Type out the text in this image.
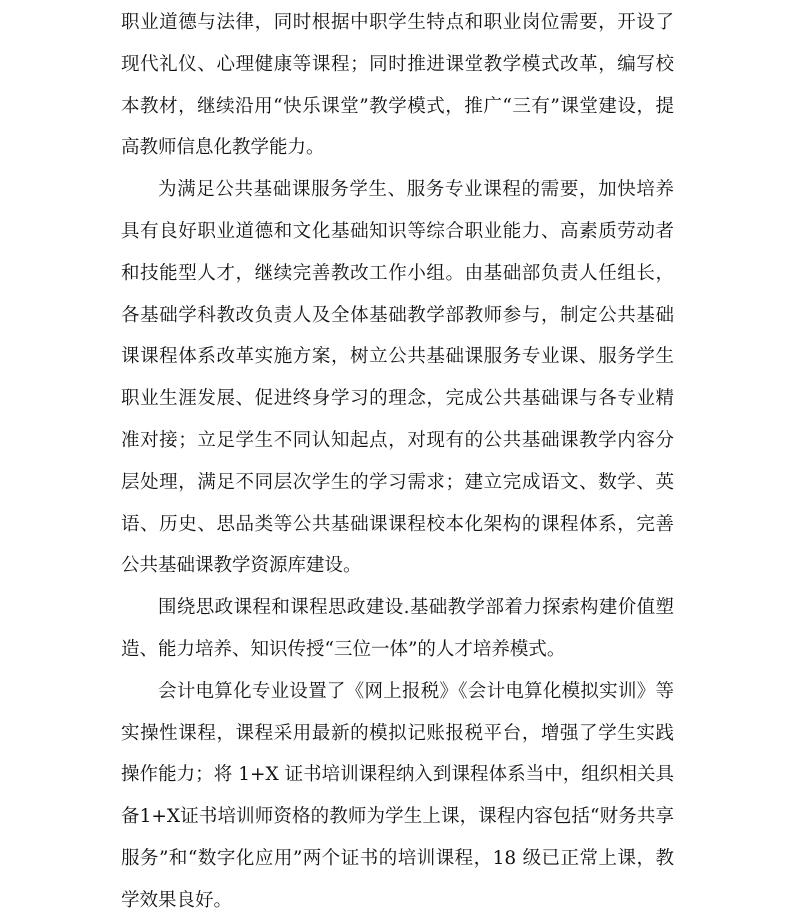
职业道德与法律，同时根据中职学生特点和职业岗位需要，开设了现代礼仪、心理健康等课程；同时推进课堂教学模式改革，编写校本教材，继续沿用“快乐课堂”教学模式，推广“三有”课堂建设，提高教师信息化教学能力。

为满足公共基础课服务学生、服务专业课程的需要，加快培养具有良好职业道德和文化基础知识等综合职业能力、高素质劳动者和技能型人才，继续完善教改工作小组。由基础部负责人任组长，各基础学科教改负责人及全体基础教学部教师参与，制定公共基础课课程体系改革实施方案，树立公共基础课服务专业课、服务学生职业生涯发展、促进终身学习的理念，完成公共基础课与各专业精准对接；立足学生不同认知起点，对现有的公共基础课教学内容分层处理，满足不同层次学生的学习需求；建立完成语文、数学、英语、历史、思品类等公共基础课课程校本化架构的课程体系，完善公共基础课教学资源库建设。

围绕思政课程和课程思政建设.基础教学部着力探索构建价值塑造、能力培养、知识传授“三位一体”的人才培养模式。

会计电算化专业设置了《网上报税》《会计电算化模拟实训》等实操性课程，课程采用最新的模拟记账报税平台，增强了学生实践操作能力；将 1+X 证书培训课程纳入到课程体系当中，组织相关具备1+X证书培训师资格的教师为学生上课，课程内容包括“财务共享服务”和“数字化应用”两个证书的培训课程，18 级已正常上课，教学效果良好。
